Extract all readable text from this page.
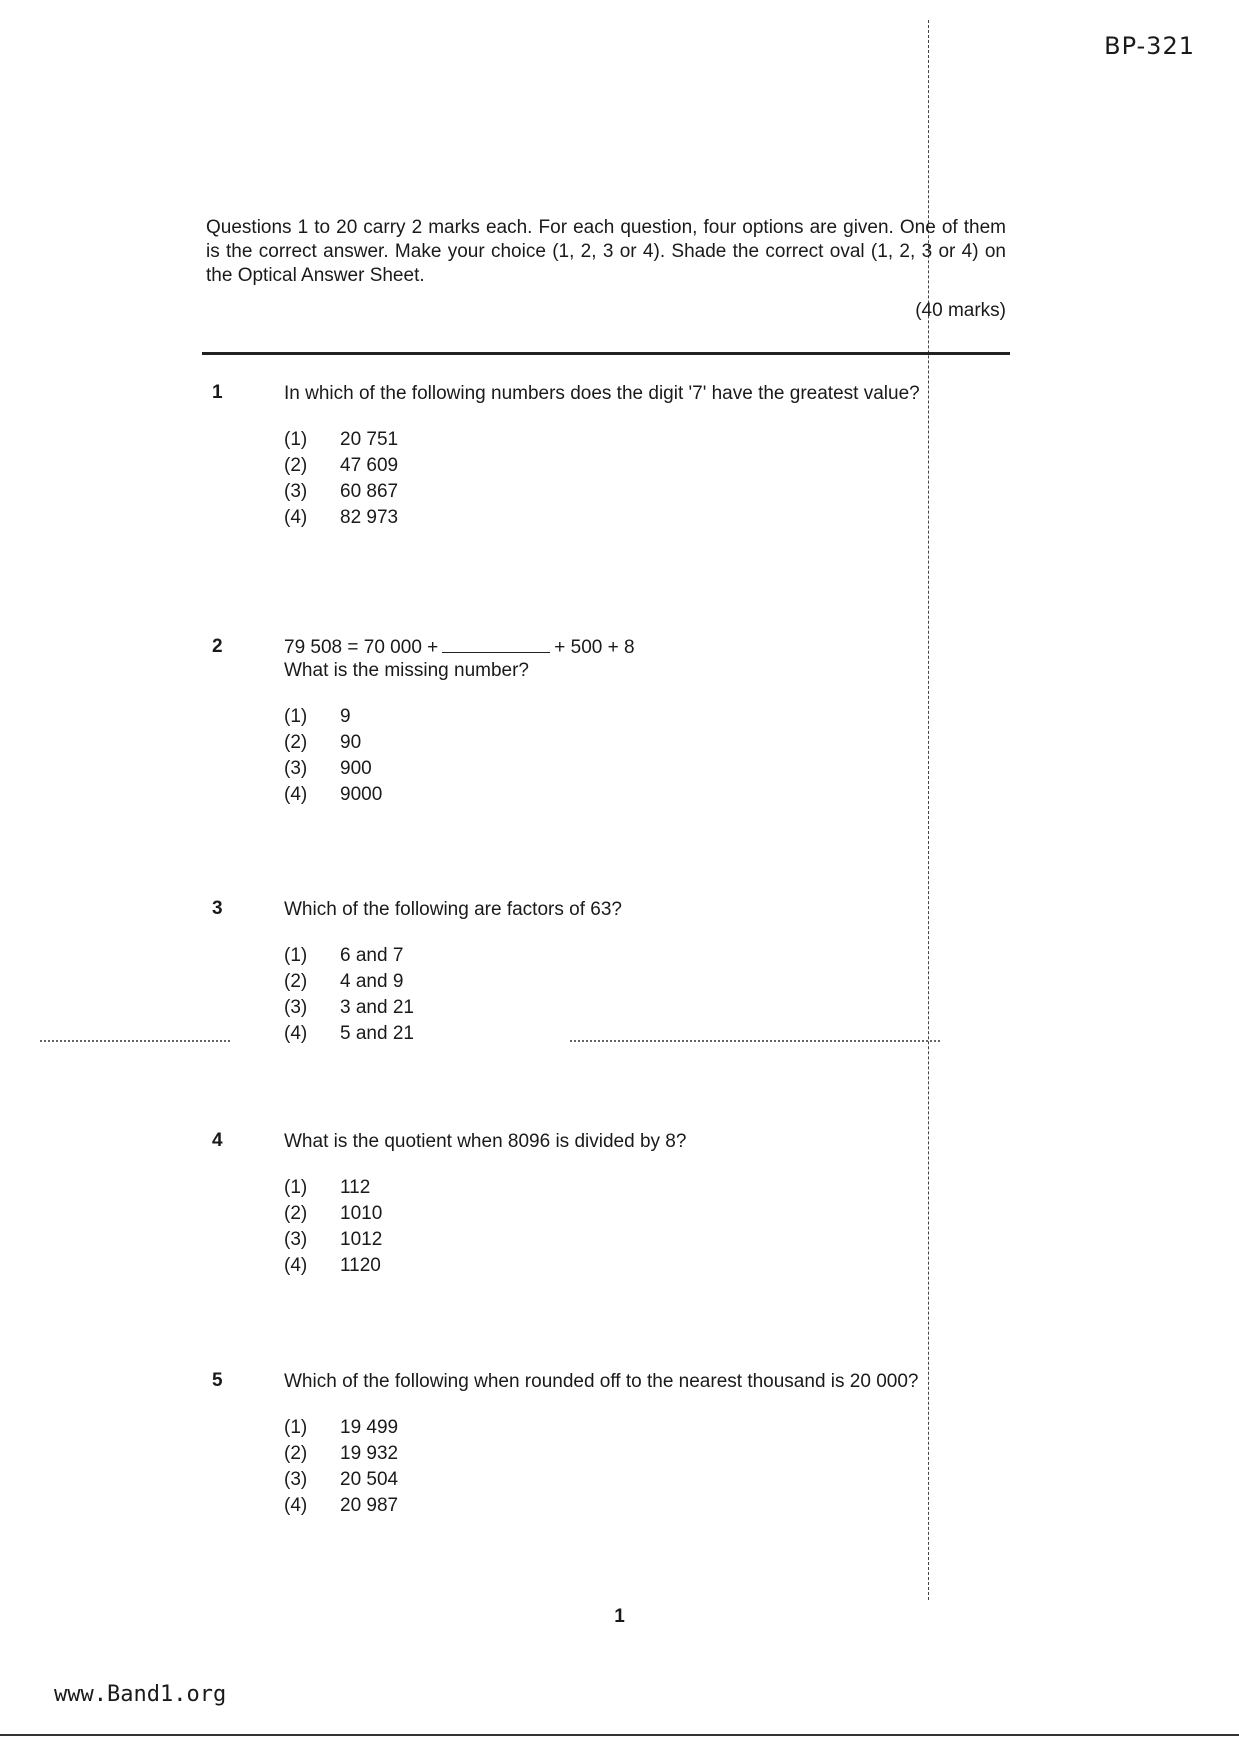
BP-321
Questions 1 to 20 carry 2 marks each. For each question, four options are given. One of them is the correct answer. Make your choice (1, 2, 3 or 4). Shade the correct oval (1, 2, 3 or 4) on the Optical Answer Sheet.
(40 marks)
1	In which of the following numbers does the digit '7' have the greatest value?
(1)	20 751
(2)	47 609
(3)	60 867
(4)	82 973
2	79 508 = 70 000 +	+ 500 + 8
What is the missing number?
(1)	9
(2)	90
(3)	900
(4)	9000
3	Which of the following are factors of 63?
(1)	6 and 7
(2)	4 and 9
(3)	3 and 21
(4)	5 and 21
4	What is the quotient when 8096 is divided by 8?
(1)	112
(2)	1010
(3)	1012
(4)	1120
5	Which of the following when rounded off to the nearest thousand is 20 000?
(1)	19 499
(2)	19 932
(3)	20 504
(4)	20 987
1
www.Band1.org
